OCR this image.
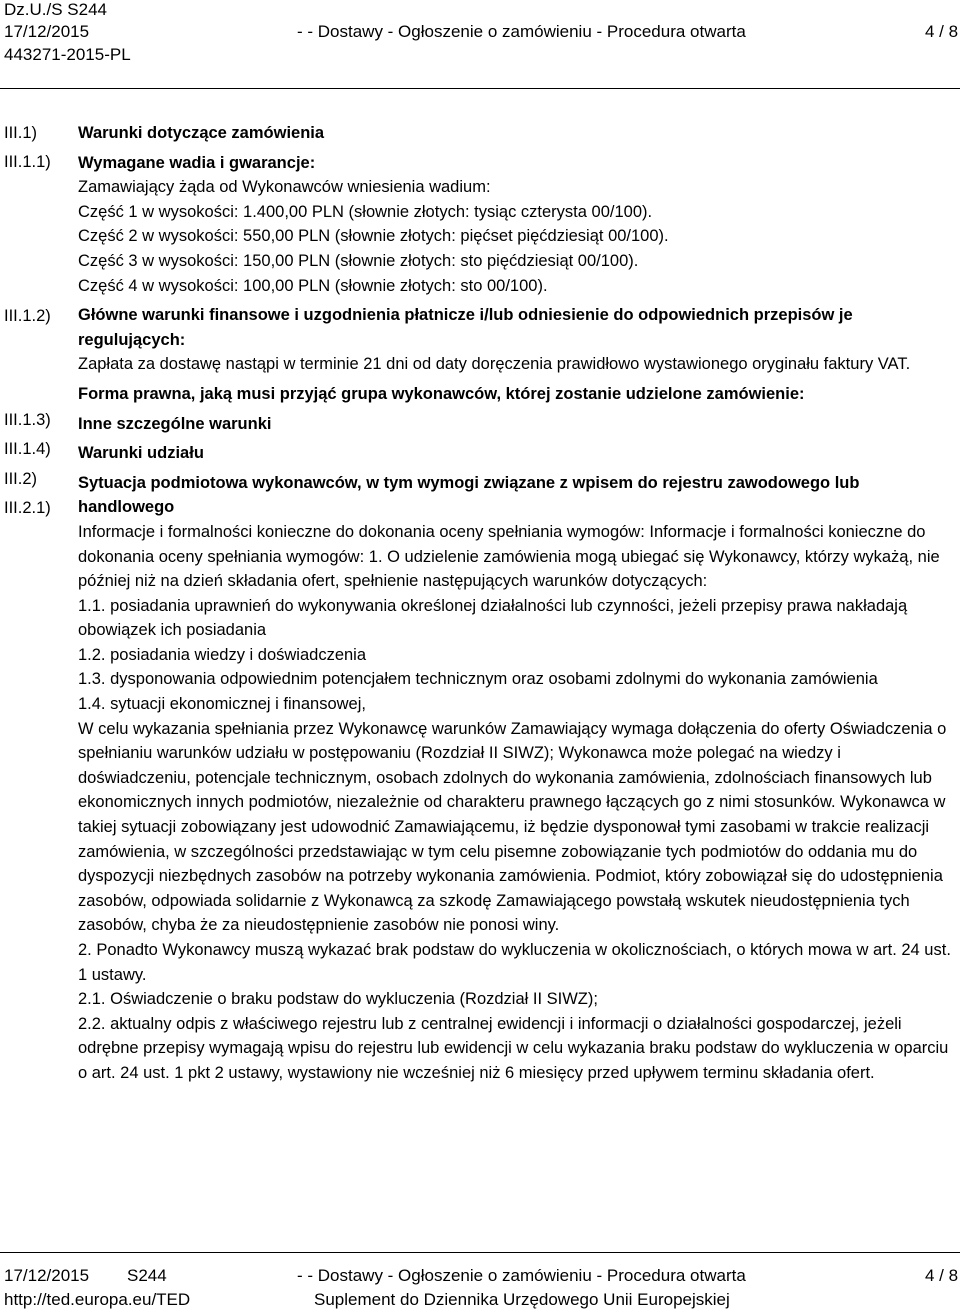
Dz.U./S S244
17/12/2015
443271-2015-PL
- - Dostawy - Ogłoszenie o zamówieniu - Procedura otwarta	4 / 8
III.1)
III.1.1)
III.1.2)
III.1.3)
III.1.4)
III.2)
III.2.1)

Warunki dotyczące zamówienia

Wymagane wadia i gwarancje:

Zamawiający żąda od Wykonawców wniesienia wadium:

Część 1 w wysokości: 1.400,00 PLN (słownie złotych: tysiąc czterysta 00/100).

Część 2 w wysokości: 550,00 PLN (słownie złotych: pięćset pięćdziesiąt 00/100).

Część 3 w wysokości: 150,00 PLN (słownie złotych: sto pięćdziesiąt 00/100).

Część 4 w wysokości: 100,00 PLN (słownie złotych: sto 00/100).

Główne warunki finansowe i uzgodnienia płatnicze i/lub odniesienie do odpowiednich przepisów je regulujących:

Zapłata za dostawę nastąpi w terminie 21 dni od daty doręczenia prawidłowo wystawionego oryginału faktury VAT.

Forma prawna, jaką musi przyjąć grupa wykonawców, której zostanie udzielone zamówienie:

Inne szczególne warunki

Warunki udziału

Sytuacja podmiotowa wykonawców, w tym wymogi związane z wpisem do rejestru zawodowego lub handlowego

Informacje i formalności konieczne do dokonania oceny spełniania wymogów: Informacje i formalności konieczne do dokonania oceny spełniania wymogów: 1. O udzielenie zamówienia mogą ubiegać się Wykonawcy, którzy wykażą, nie później niż na dzień składania ofert, spełnienie następujących warunków dotyczących:

1.1. posiadania uprawnień do wykonywania określonej działalności lub czynności, jeżeli przepisy prawa nakładają obowiązek ich posiadania

1.2. posiadania wiedzy i doświadczenia

1.3. dysponowania odpowiednim potencjałem technicznym oraz osobami zdolnymi do wykonania zamówienia

1.4. sytuacji ekonomicznej i finansowej,

W celu wykazania spełniania przez Wykonawcę warunków Zamawiający wymaga dołączenia do oferty Oświadczenia o spełnianiu warunków udziału w postępowaniu (Rozdział II SIWZ); Wykonawca może polegać na wiedzy i doświadczeniu, potencjale technicznym, osobach zdolnych do wykonania zamówienia, zdolnościach finansowych lub ekonomicznych innych podmiotów, niezależnie od charakteru prawnego łączących go z nimi stosunków. Wykonawca w takiej sytuacji zobowiązany jest udowodnić Zamawiającemu, iż będzie dysponował tymi zasobami w trakcie realizacji zamówienia, w szczególności przedstawiając w tym celu pisemne zobowiązanie tych podmiotów do oddania mu do dyspozycji niezbędnych zasobów na potrzeby wykonania zamówienia. Podmiot, który zobowiązał się do udostępnienia zasobów, odpowiada solidarnie z Wykonawcą za szkodę Zamawiającego powstałą wskutek nieudostępnienia tych zasobów, chyba że za nieudostępnienie zasobów nie ponosi winy.

2. Ponadto Wykonawcy muszą wykazać brak podstaw do wykluczenia w okolicznościach, o których mowa w art. 24 ust. 1 ustawy.

2.1. Oświadczenie o braku podstaw do wykluczenia (Rozdział II SIWZ);

2.2. aktualny odpis z właściwego rejestru lub z centralnej ewidencji i informacji o działalności gospodarczej, jeżeli odrębne przepisy wymagają wpisu do rejestru lub ewidencji w celu wykazania braku podstaw do wykluczenia w oparciu o art. 24 ust. 1 pkt 2 ustawy, wystawiony nie wcześniej niż 6 miesięcy przed upływem terminu składania ofert.

17/12/2015 S244
http://ted.europa.eu/TED
- - Dostawy - Ogłoszenie o zamówieniu - Procedura otwarta
Suplement do Dziennika Urzędowego Unii Europejskiej
4 / 8
